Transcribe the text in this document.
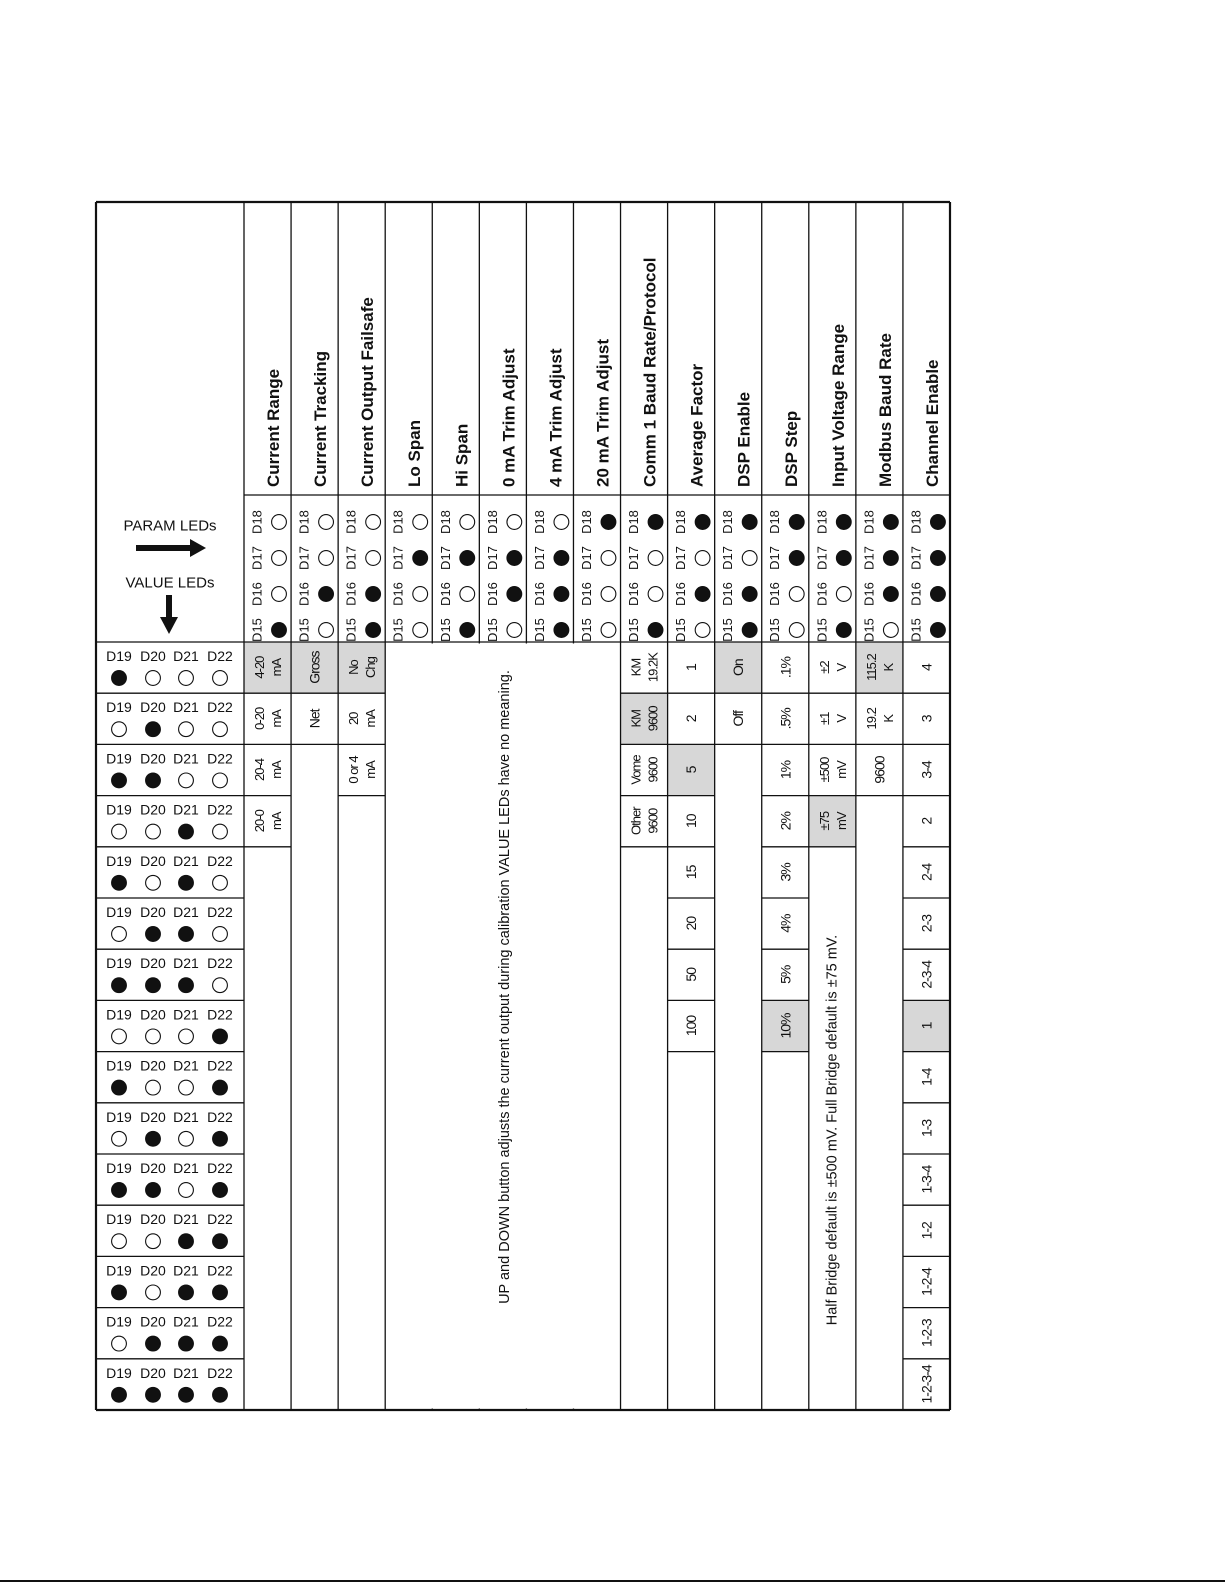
PARAM LEDs
VALUE LEDs
D19 D20 D21 D22
D19 D20 D21 D22
D19 D20 D21 D22
D19 D20 D21 D22
D19 D20 D21 D22
D19 D20 D21 D22
D19 D20 D21 D22
D19 D20 D21 D22
D19 D20 D21 D22
D19 D20 D21 D22
D19 D20 D21 D22
D19 D20 D21 D22
D19 D20 D21 D22
D19 D20 D21 D22
D19 D20 D21 D22
Current Range
D15
D16
D17
D18
4-20 mA
0-20 mA
20-4 mA
20-0 mA
Current Tracking
D15
D16
D17
D18
Gross
Net
Current Output Failsafe
D15
D16
D17
D18
No Chg
20 mA
0 or 4 mA
Lo Span
D15
D16
D17
D18
Hi Span
D15
D16
D17
D18
0 mA Trim Adjust
D15
D16
D17
D18
4 mA Trim Adjust
D15
D16
D17
D18
20 mA Trim Adjust
D15
D16
D17
D18
Comm 1 Baud Rate/Protocol
D15
D16
D17
D18
KM 19.2K
KM 9600
Vome 9600
Other 9600
Average Factor
D15
D16
D17
D18
1
2
5
10
15
20
50
100
DSP Enable
D15
D16
D17
D18
On
Off
DSP Step
D15
D16
D17
D18
.1%
.5%
1%
2%
3%
4%
5%
10%
Input Voltage Range
D15
D16
D17
D18
±2 V
±1 V
±500 mV
±75 mV
Modbus Baud Rate
D15
D16
D17
D18
115.2 K
19.2 K
9600
Channel Enable
D15
D16
D17
D18
4
3
3-4
2
2-4
2-3
2-3-4
1
1-4
1-3
1-3-4
1-2
1-2-4
1-2-3
1-2-3-4
UP and DOWN button adjusts the current output during calibration VALUE LEDs have no meaning.	Half Bridge default is ±500 mV. Full Bridge default is ±75 mV.
